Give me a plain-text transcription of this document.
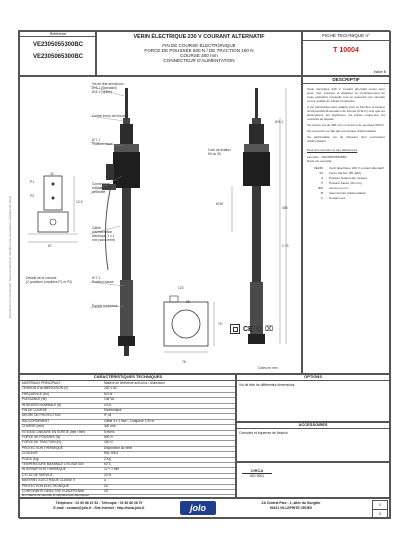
Document non contractuel. Toute reproduction interdite sans autorisation préalable de JOLO
Référence
VE2305055300BC
-
VE2305065300BC
VÉRIN ÉLECTRIQUE 230 V COURANT ALTERNATIF
FIN DE COURSE ÉLECTRONIQUE
FORCE DE POUSSÉE 500 N / DE TRACTION 150 N
COURSE 300 mm
CONNECTEUR D'ALIMENTATION
FICHE TECHNIQUE n°
T 10004
indice B
DESCRIPTIF

Vérin électrique 230 V courant alternatif conçu pour lever, tirer, pousser et déplacer en remplacement de toute opération manuelle tout en assurant une sécurité et une qualité de travail constantes.

Il est particulièrement adapté pour la fonction ouverture de Dispositifs Évacuation de Fumée (D.E.N.) tels que les lanterneaux, les skydômes, les portes coupe-feu, les ouvrants de façade.

Sa course est de 300 mm et sa force de poussée 500 N.

Sa connexion se fait par connecteur d'alimentation.

Sa particularité est de disposer d'un connecteur d'alimentation.

Pour des versions et des déférences

exemple : VE2305065300BC

Dans cet exemple :

VE230 : Vérin Électrique 230 V courant alternatif
50 : Force traction (50 daN)
6 : Position fixation (6e niveau)
5 : Position basse (30 mm)
300 : course en mm
B : Avec bornier d'alimentation
C : Contact sec
Vis de tête aluminium
Ø 8.1 (Standard)
Ø 8.1 (option)
Contre écrou de blocage
Ø 7.1
Position haute
Connecteur d'alimentation amovible
Câble d'alimentation électrique 3 x 1 mm (sans terre)
Ø 7.1
Position basse
Équipe motorisée
P1
P2
32
12.5
57
Détails de la console
(2 positions possibles P1 et P2)
Cote de fixation 50 ou 65
Ø 8.1
Ø 50
308
1.75
65
123
76
79
CE ♲ ⌧
Cotes en mm
CARACTÉRISTIQUES TECHNIQUES
MATÉRIAUX PRINCIPAUX	Matière de fermeture anti-choc / Aluminium
TENSION D'ALIMENTATION (V)	230 V AC
FRÉQUENCE (Hz)	50 Hz
PUISSANCE (W)	108 VA
INTENSITÉ NOMINALE (A)	0.5 A
FIN DE COURSE	Électronique
DEGRÉ DE PROTECTION	IP 44
RACCORDEMENT	Câble 3 x 1 mm² - Longueur 1.90 m
COURSE (mm)	300 mm
VITESSE LINÉAIRE EN SORTIE (mm / mm)	5 mm/s
FORCE DE POUSSÉE (N)	500 N
FORCE DE TRACTION (N)	150 N
PROTECTION THERMIQUE	Disjoncteur au vérin
COULEUR	RAL 9003
POIDS (Kg)	2 Kg
TEMPÉRATURE MAXIMALE UTILISATION	60°C
INTERRUPTION THERMIQUE	12 + 1 min
CYCLE DE SERVICE	20 %
MATÉRIEL ÉLECTRIQUE CLASSE II	⧈
PROTECTION ÉLECTRONIQUE	CE
CONFORMITÉ DIRECTIVE EUROPÉENNE	CE
En matière de sécurité et interférences électriques
OPTIONS
Vis de fête de différentes dimensions.
ACCESSOIRES
Consoles et équerres de fixation.
CIRCA
ISO 9001
Téléphone : 01 60 86 10 53 - Télécopie : 01 60 86 26 70
E-mail : contact@jolo.fr - Site internet : http://www.jolo.fr	jolo	ZA Central Parc - 1, allée du Songlier
93421 VILLEPINTE CEDEX
1
2
